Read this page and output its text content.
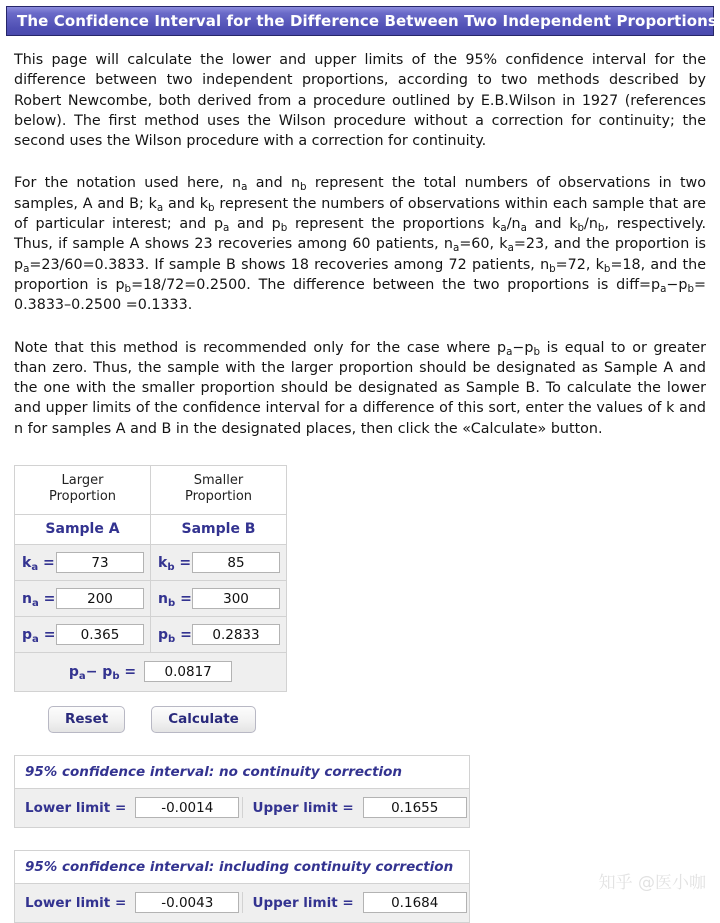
The Confidence Interval for the Difference Between Two Independent Proportions

This page will calculate the lower and upper limits of the 95% confidence interval for the difference between two independent proportions, according to two methods described by Robert Newcombe, both derived from a procedure outlined by E.B.Wilson in 1927 (references below). The first method uses the Wilson procedure without a correction for continuity; the second uses the Wilson procedure with a correction for continuity.

For the notation used here, $n_a$ and $n_b$ represent the total numbers of observations in two samples, A and B; $k_a$ and $k_b$ represent the numbers of observations within each sample that are of particular interest; and $p_a$ and $p_b$ represent the proportions $k_a/n_a$ and $k_b/n_b$, respectively. Thus, if sample A shows 23 recoveries among 60 patients, $n_a=60$, $k_a=23$, and the proportion is $p_a=23/60=0.3833$. If sample B shows 18 recoveries among 72 patients, $n_b=72$, $k_b=18$, and the proportion is $p_b=18/72=0.2500$. The difference between the two proportions is $diff=p_a-p_b= 0.3833-0.2500 =0.1333$.

Note that this method is recommended only for the case where $p_a-p_b$ is equal to or greater than zero. Thus, the sample with the larger proportion should be designated as Sample A and the one with the smaller proportion should be designated as Sample B. To calculate the lower and upper limits of the confidence interval for a difference of this sort, enter the values of k and n for samples A and B in the designated places, then click the «Calculate» button.

Larger
Proportion

Smaller
Proportion

Sample A	Sample B
$k_a = 73$	$k_b = 85$
$n_a = 200$	$n_b = 300$
$p_a = 0.365$	$p_b = 0.2833$
$p_a- p_b = 0.0817$	
Reset	Calculate
95% confidence interval: no continuity correction
Lower limit =	-0.0014	Upper limit =	0.1655
95% confidence interval: including continuity correction
Lower limit =	-0.0043	Upper limit =	0.1684
知乎 @医小咖
